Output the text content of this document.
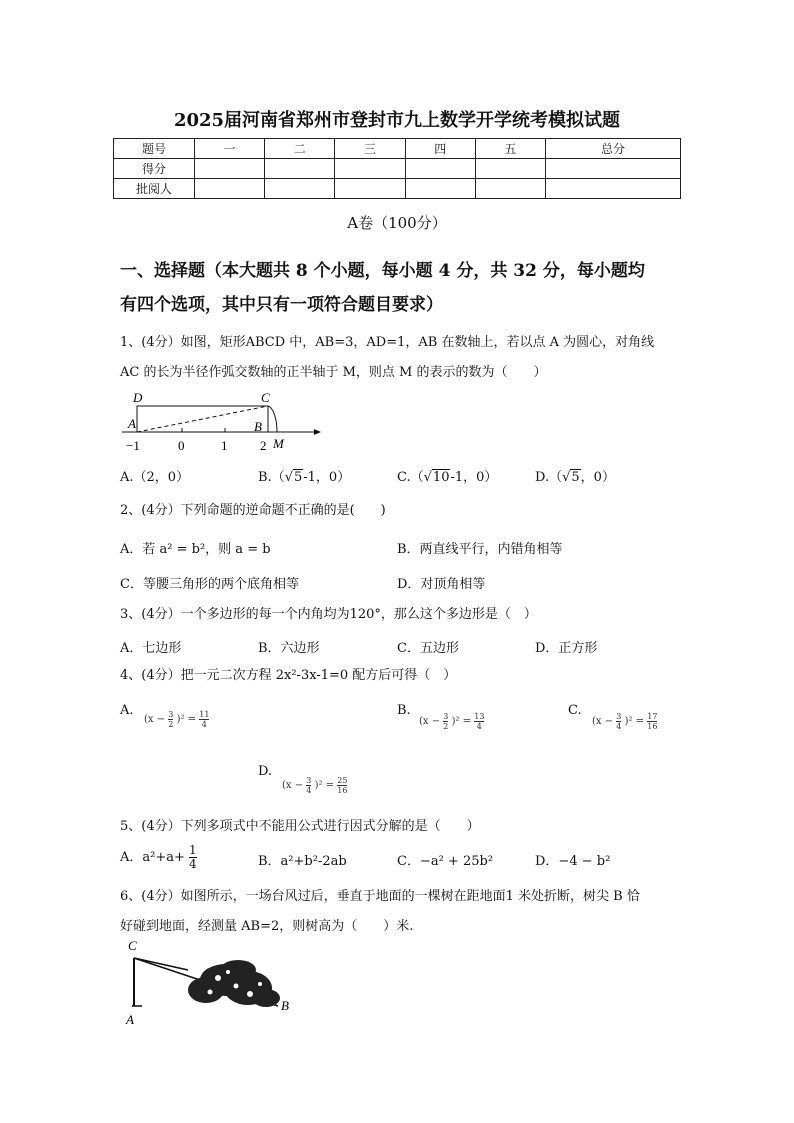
2025届河南省郑州市登封市九上数学开学统考模拟试题
题号	一	二	三	四	五	总分
得分						
批阅人						
A卷（100分）
一、选择题（本大题共 8 个小题，每小题 4 分，共 32 分，每小题均
有四个选项，其中只有一项符合题目要求）
1、(4分）如图，矩形ABCD 中，AB=3，AD=1，AB 在数轴上，若以点 A 为圆心，对角线
AC 的长为半径作弧交数轴的正半轴于 M，则点 M 的表示的数为（　　）
D	C
A	B
M
−1	0	1	2
A.（2，0）	B.（√5-1，0）	C.（√10-1，0）	D.（√5，0）
2、(4分）下列命题的逆命题不正确的是(　　)
A．若 a² = b²，则 a = b	B．两直线平行，内错角相等
C．等腰三角形的两个底角相等	D．对顶角相等
3、(4分）一个多边形的每一个内角均为120°，那么这个多边形是（　）
A．七边形	B．六边形	C．五边形	D．正方形
4、(4分）把一元二次方程 2x²-3x-1=0 配方后可得（　）
A.
$(x - \frac{3}{2} )^2 = \frac{11}{4}$	B.
$(x - \frac{3}{2} )^2 = \frac{13}{4}$
C.
$(x - \frac{3}{4} )^2 = \frac{17}{16}$
D.
$(x - \frac{3}{4} )^2 = \frac{25}{16}$
5、(4分）下列多项式中不能用公式进行因式分解的是（　　）
A．$a^2+a+ \frac{1}{4}$	B．a²+b²-2ab	C．−a² + 25b²	D．−4 − b²
6、(4分）如图所示，一场台风过后，垂直于地面的一棵树在距地面1 米处折断，树尖 B 恰
好碰到地面，经测量 AB=2，则树高为（　　）米.
C
A
B
